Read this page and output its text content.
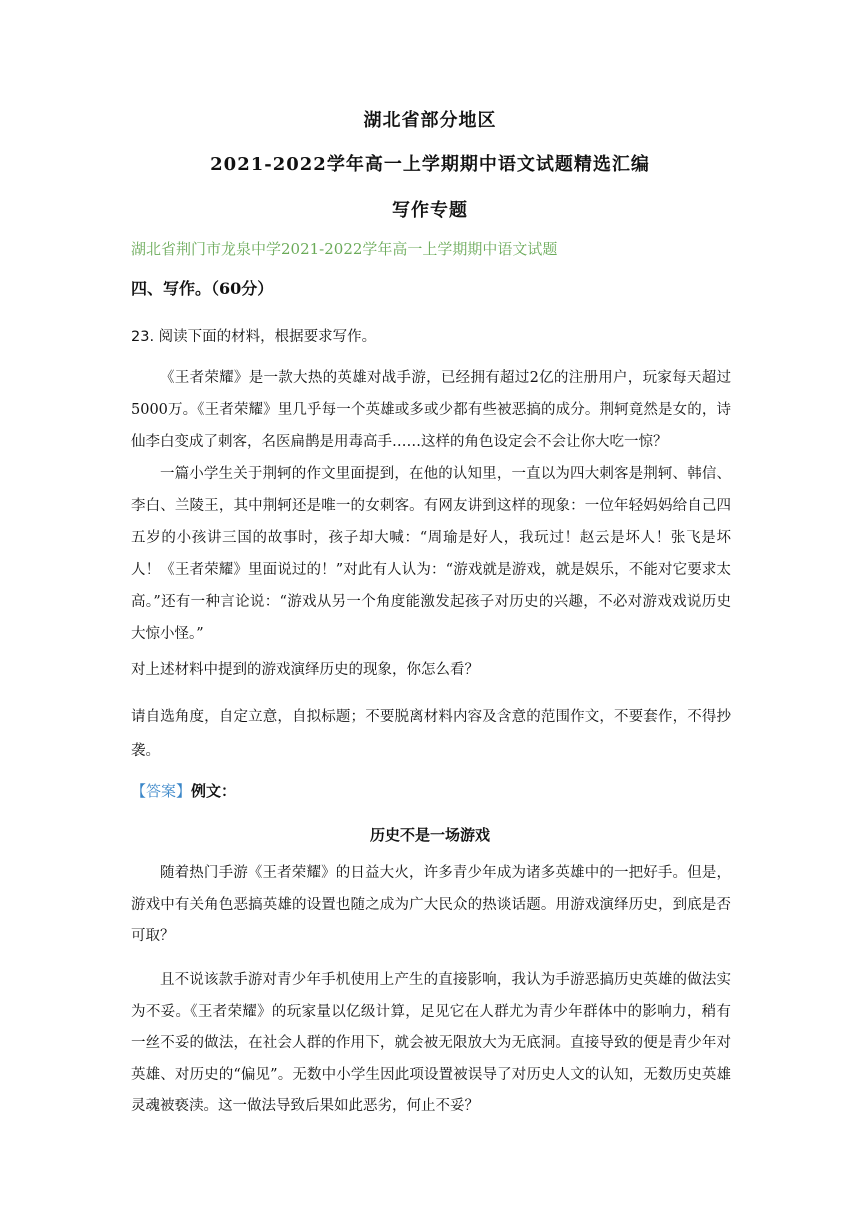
湖北省部分地区
2021-2022学年高一上学期期中语文试题精选汇编
写作专题
湖北省荆门市龙泉中学2021-2022学年高一上学期期中语文试题
四、写作。（60分）
23. 阅读下面的材料，根据要求写作。

《王者荣耀》是一款大热的英雄对战手游，已经拥有超过2亿的注册用户，玩家每天超过5000万。《王者荣耀》里几乎每一个英雄或多或少都有些被恶搞的成分。荆轲竟然是女的，诗仙李白变成了刺客，名医扁鹊是用毒高手……这样的角色设定会不会让你大吃一惊？

一篇小学生关于荆轲的作文里面提到，在他的认知里，一直以为四大刺客是荆轲、韩信、李白、兰陵王，其中荆轲还是唯一的女刺客。有网友讲到这样的现象：一位年轻妈妈给自己四五岁的小孩讲三国的故事时，孩子却大喊：“周瑜是好人，我玩过！赵云是坏人！张飞是坏人！《王者荣耀》里面说过的！”对此有人认为：“游戏就是游戏，就是娱乐，不能对它要求太高。”还有一种言论说：“游戏从另一个角度能激发起孩子对历史的兴趣，不必对游戏戏说历史大惊小怪。”

对上述材料中提到的游戏演绎历史的现象，你怎么看？

请自选角度，自定立意，自拟标题；不要脱离材料内容及含意的范围作文，不要套作，不得抄袭。

【答案】例文：
历史不是一场游戏

随着热门手游《王者荣耀》的日益大火，许多青少年成为诸多英雄中的一把好手。但是，游戏中有关角色恶搞英雄的设置也随之成为广大民众的热谈话题。用游戏演绎历史，到底是否可取？

且不说该款手游对青少年手机使用上产生的直接影响，我认为手游恶搞历史英雄的做法实为不妥。《王者荣耀》的玩家量以亿级计算，足见它在人群尤为青少年群体中的影响力，稍有一丝不妥的做法，在社会人群的作用下，就会被无限放大为无底洞。直接导致的便是青少年对英雄、对历史的“偏见”。无数中小学生因此项设置被误导了对历史人文的认知，无数历史英雄灵魂被亵渎。这一做法导致后果如此恶劣，何止不妥？
